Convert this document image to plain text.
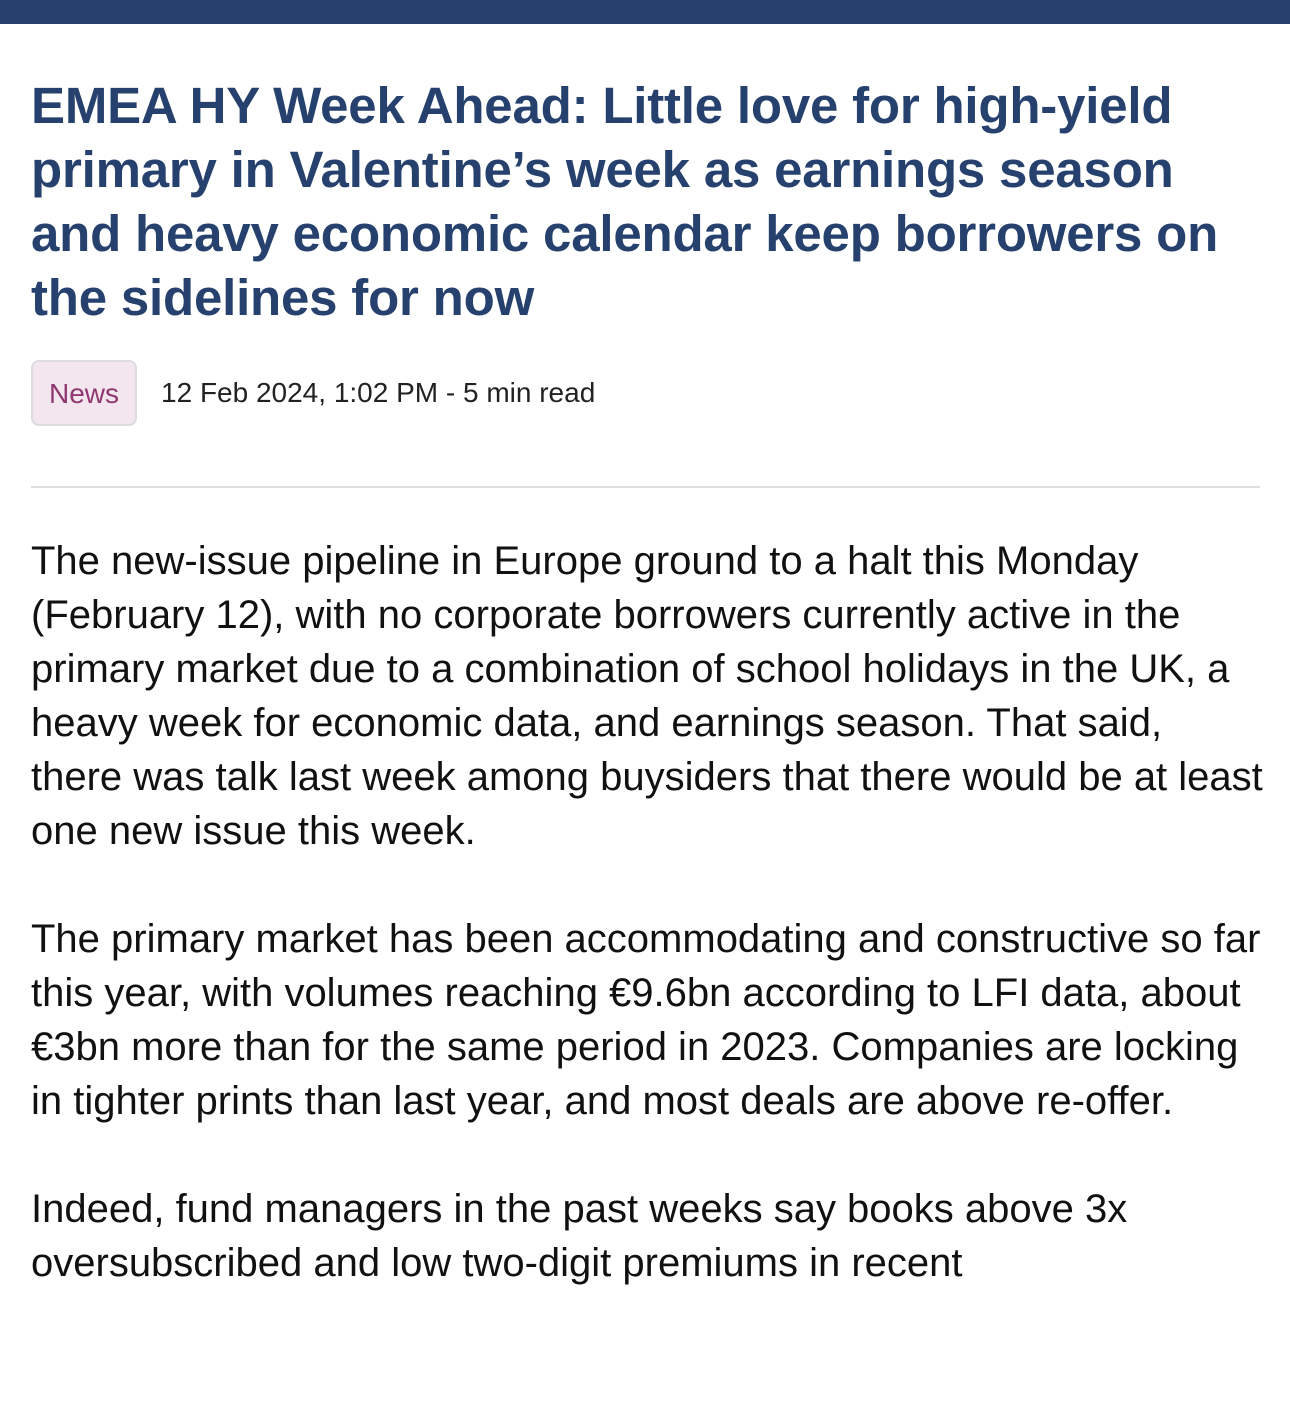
EMEA HY Week Ahead: Little love for high-yield primary in Valentine’s week as earnings season and heavy economic calendar keep borrowers on the sidelines for now
News	12 Feb 2024, 1:02 PM - 5 min read

The new-issue pipeline in Europe ground to a halt this Monday (February 12), with no corporate borrowers currently active in the primary market due to a combination of school holidays in the UK, a heavy week for economic data, and earnings season. That said, there was talk last week among buysiders that there would be at least one new issue this week.

The primary market has been accommodating and constructive so far this year, with volumes reaching €9.6bn according to LFI data, about €3bn more than for the same period in 2023. Companies are locking in tighter prints than last year, and most deals are above re-offer.

Indeed, fund managers in the past weeks say books above 3x oversubscribed and low two-digit premiums in recent
